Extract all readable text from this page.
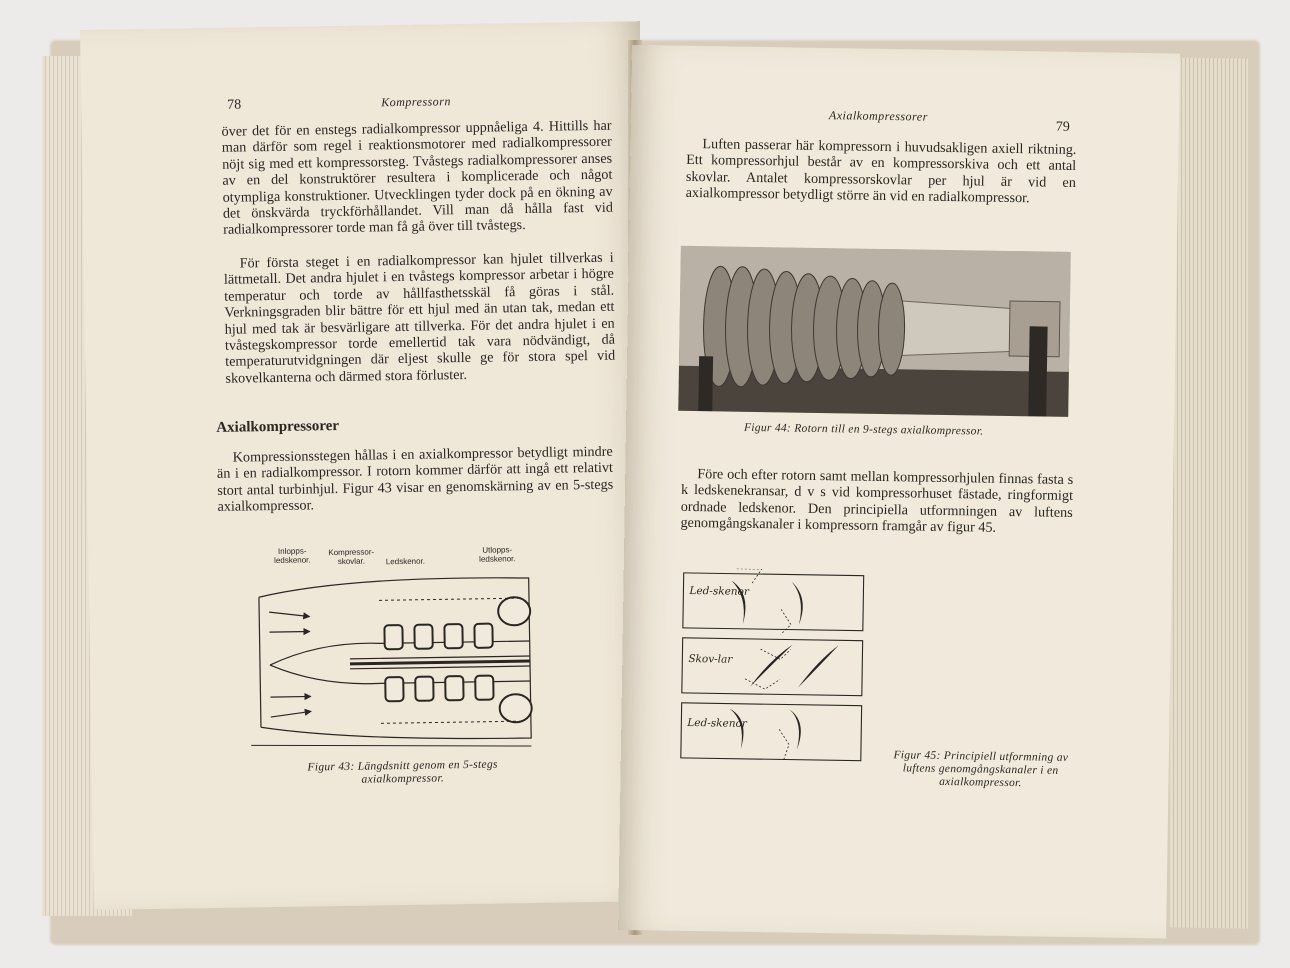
78	Kompressorn

över det för en enstegs radialkompressor uppnåeliga 4. Hittills har man därför som regel i reaktionsmotorer med radialkompressorer nöjt sig med ett kompressorsteg. Tvåstegs radialkompressorer anses av en del konstruktörer resultera i komplicerade och något otympliga konstruktioner. Utvecklingen tyder dock på en ökning av det önskvärda tryckförhållandet. Vill man då hålla fast vid radialkompressorer torde man få gå över till tvåstegs.

För första steget i en radialkompressor kan hjulet tillverkas i lättmetall. Det andra hjulet i en tvåstegs kompressor arbetar i högre temperatur och torde av hållfasthetsskäl få göras i stål. Verkningsgraden blir bättre för ett hjul med än utan tak, medan ett hjul med tak är besvärligare att tillverka. För det andra hjulet i en tvåstegskompressor torde emellertid tak vara nödvändigt, då temperaturutvidgningen där eljest skulle ge för stora spel vid skovelkanterna och därmed stora förluster.

Axialkompressorer

Kompressionsstegen hållas i en axialkompressor betydligt mindre än i en radialkompressor. I rotorn kommer därför att ingå ett relativt stort antal turbinhjul. Figur 43 visar en genomskärning av en 5-stegs axialkompressor.

Inlopps-ledskenor.
Kompressor-skovlar.	Ledskenor.
Utlopps-ledskenor.
Figur 43: Längdsnitt genom en 5-stegs axialkompressor.
Axialkompressorer
79

Luften passerar här kompressorn i huvudsakligen axiell riktning. Ett kompressorhjul består av en kompressorskiva och ett antal skovlar. Antalet kompressorskovlar per hjul är vid en axialkompressor betydligt större än vid en radialkompressor.

Figur 44: Rotorn till en 9-stegs axialkompressor.

Före och efter rotorn samt mellan kompressorhjulen finnas fasta s k ledskenekransar, d v s vid kompressorhuset fästade, ringformigt ordnade ledskenor. Den principiella utformningen av luftens genomgångskanaler i kompressorn framgår av figur 45.

Led-skenor
Skov-lar
Led-skenor
Figur 45: Principiell utformning av luftens genomgångskanaler i en axialkompressor.
